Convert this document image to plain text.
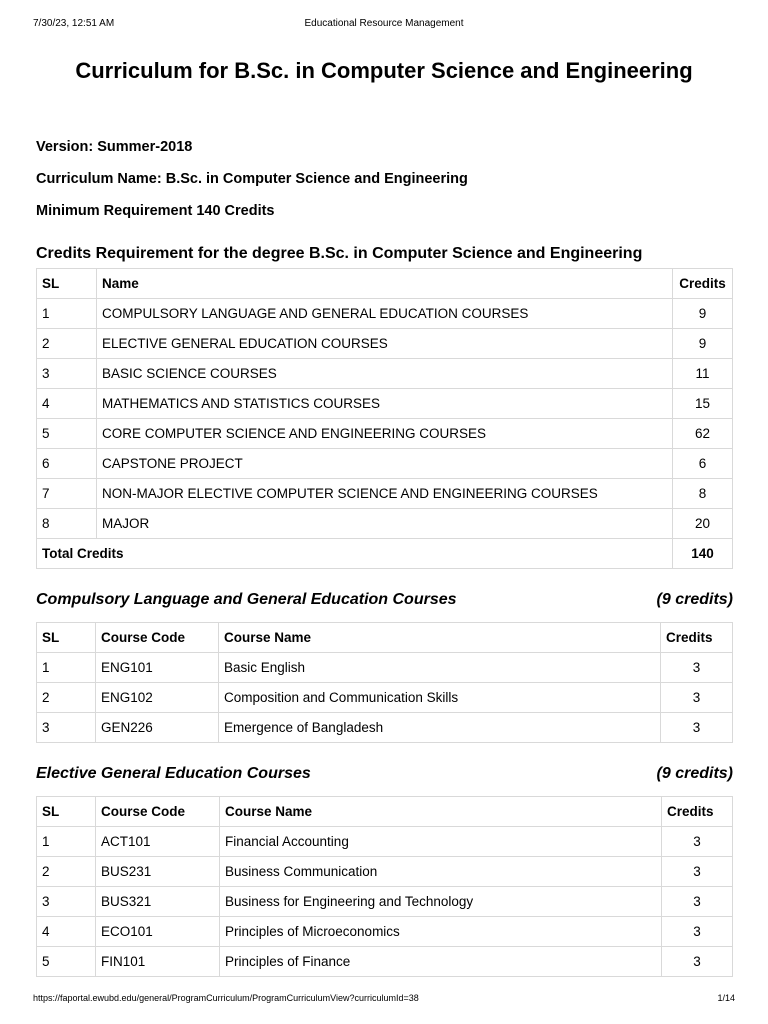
7/30/23, 12:51 AM	Educational Resource Management
Curriculum for B.Sc. in Computer Science and Engineering
Version: Summer-2018
Curriculum Name: B.Sc. in Computer Science and Engineering
Minimum Requirement 140 Credits
Credits Requirement for the degree B.Sc. in Computer Science and Engineering
SL	Name	Credits
1	COMPULSORY LANGUAGE AND GENERAL EDUCATION COURSES	9
2	ELECTIVE GENERAL EDUCATION COURSES	9
3	BASIC SCIENCE COURSES	11
4	MATHEMATICS AND STATISTICS COURSES	15
5	CORE COMPUTER SCIENCE AND ENGINEERING COURSES	62
6	CAPSTONE PROJECT	6
7	NON-MAJOR ELECTIVE COMPUTER SCIENCE AND ENGINEERING COURSES	8
8	MAJOR	20
Total Credits		140
Compulsory Language and General Education Courses	(9 credits)
SL	Course Code	Course Name	Credits
1	ENG101	Basic English	3
2	ENG102	Composition and Communication Skills	3
3	GEN226	Emergence of Bangladesh	3
Elective General Education Courses	(9 credits)
SL	Course Code	Course Name	Credits
1	ACT101	Financial Accounting	3
2	BUS231	Business Communication	3
3	BUS321	Business for Engineering and Technology	3
4	ECO101	Principles of Microeconomics	3
5	FIN101	Principles of Finance	3
https://faportal.ewubd.edu/general/ProgramCurriculum/ProgramCurriculumView?curriculumId=38	1/14
